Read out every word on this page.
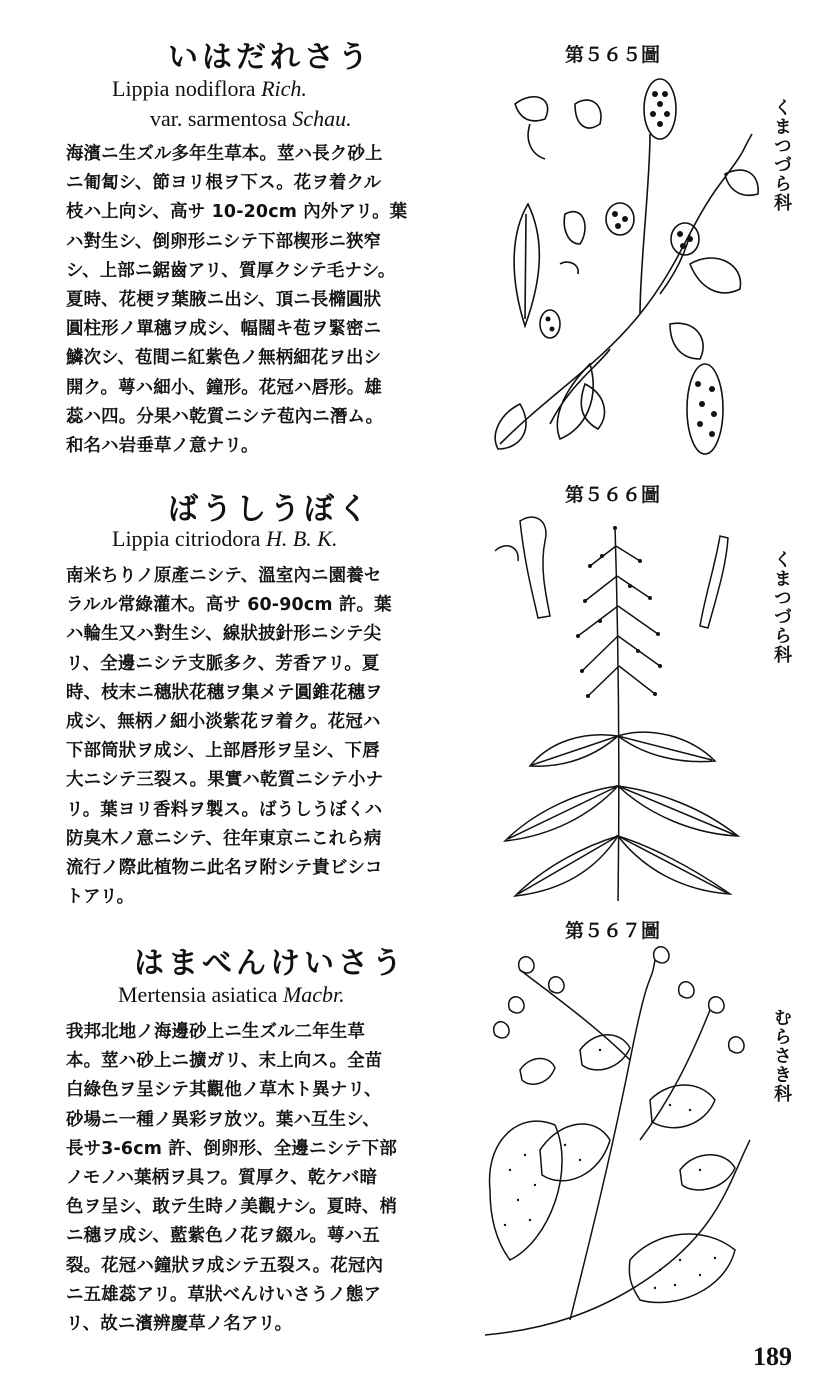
いはだれさう
Lippia nodiflora Rich.
var. sarmentosa Schau.
海濱ニ生ズル多年生草本。莖ハ長ク砂上
ニ匍匐シ、節ヨリ根ヲ下ス。花ヲ着クル
枝ハ上向シ、高サ 10-20cm 內外アリ。葉
ハ對生シ、倒卵形ニシテ下部楔形ニ狹窄
シ、上部ニ鋸齒アリ、質厚クシテ毛ナシ。
夏時、花梗ヲ葉腋ニ出シ、頂ニ長橢圓狀
圓柱形ノ單穗ヲ成シ、幅闊キ苞ヲ緊密ニ
鱗次シ、苞間ニ紅紫色ノ無柄細花ヲ出シ
開ク。萼ハ細小、鐘形。花冠ハ唇形。雄
蕊ハ四。分果ハ乾質ニシテ苞內ニ潛ム。
和名ハ岩垂草ノ意ナリ。
第５６５圖
くまつづら科
ばうしうぼく
Lippia citriodora H. B. K.
南米ちりノ原產ニシテ、溫室內ニ園養セ
ラルル常綠灌木。高サ 60-90cm 許。葉
ハ輪生又ハ對生シ、線狀披針形ニシテ尖
リ、全邊ニシテ支脈多ク、芳香アリ。夏
時、枝末ニ穗狀花穗ヲ集メテ圓錐花穗ヲ
成シ、無柄ノ細小淡紫花ヲ着ク。花冠ハ
下部筒狀ヲ成シ、上部唇形ヲ呈シ、下唇
大ニシテ三裂ス。果實ハ乾質ニシテ小ナ
リ。葉ヨリ香料ヲ製ス。ばうしうぼくハ
防臭木ノ意ニシテ、往年東京ニこれら病
流行ノ際此植物ニ此名ヲ附シテ貴ビシコ
トアリ。
第５６６圖
くまつづら科
はまべんけいさう
Mertensia asiatica Macbr.
我邦北地ノ海邊砂上ニ生ズル二年生草
本。莖ハ砂上ニ擴ガリ、末上向ス。全苗
白綠色ヲ呈シテ其觀他ノ草木ト異ナリ、
砂場ニ一種ノ異彩ヲ放ツ。葉ハ互生シ、
長サ3-6cm 許、倒卵形、全邊ニシテ下部
ノモノハ葉柄ヲ具フ。質厚ク、乾ケバ暗
色ヲ呈シ、敢テ生時ノ美觀ナシ。夏時、梢
ニ穗ヲ成シ、藍紫色ノ花ヲ綴ル。萼ハ五
裂。花冠ハ鐘狀ヲ成シテ五裂ス。花冠內
ニ五雄蕊アリ。草狀べんけいさうノ態ア
リ、故ニ濱辨慶草ノ名アリ。
第５６７圖
むらさき科
189
